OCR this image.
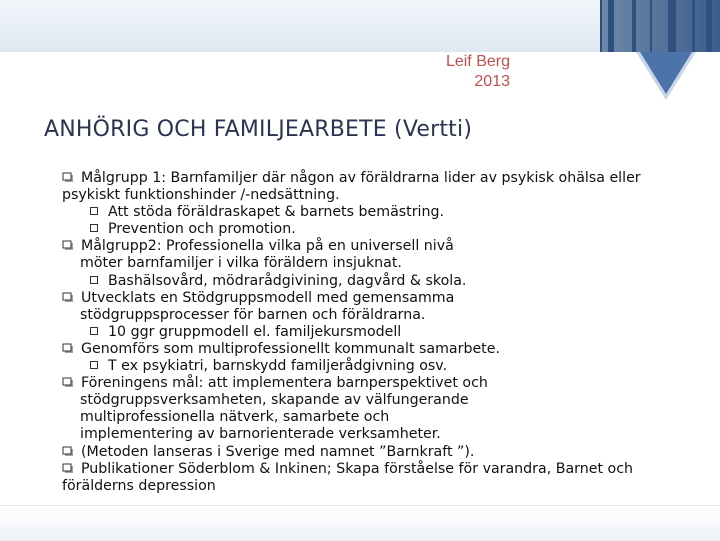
Leif Berg
2013
ANHÖRIG OCH FAMILJEARBETE (Vertti)
Målgrupp 1: Barnfamiljer där någon av föräldrarna lider av psykisk ohälsa eller
psykiskt funktionshinder /-nedsättning.
Att stöda föräldraskapet & barnets bemästring.
Prevention och promotion.
Målgrupp2: Professionella vilka på en universell nivå
möter barnfamiljer i vilka föräldern insjuknat.
Bashälsovård, mödrarådgivining, dagvård & skola.
Utvecklats en Stödgruppsmodell med gemensamma
stödgruppsprocesser för barnen och föräldrarna.
10 ggr gruppmodell el. familjekursmodell
Genomförs som multiprofessionellt kommunalt samarbete.
T ex psykiatri, barnskydd familjerådgivning osv.
Föreningens mål: att implementera barnperspektivet och
stödgruppsverksamheten, skapande av välfungerande
multiprofessionella nätverk, samarbete och
implementering av barnorienterade verksamheter.
(Metoden lanseras i Sverige med namnet ”Barnkraft ”).
Publikationer Söderblom & Inkinen; Skapa förståelse för varandra, Barnet och
förälderns depression
